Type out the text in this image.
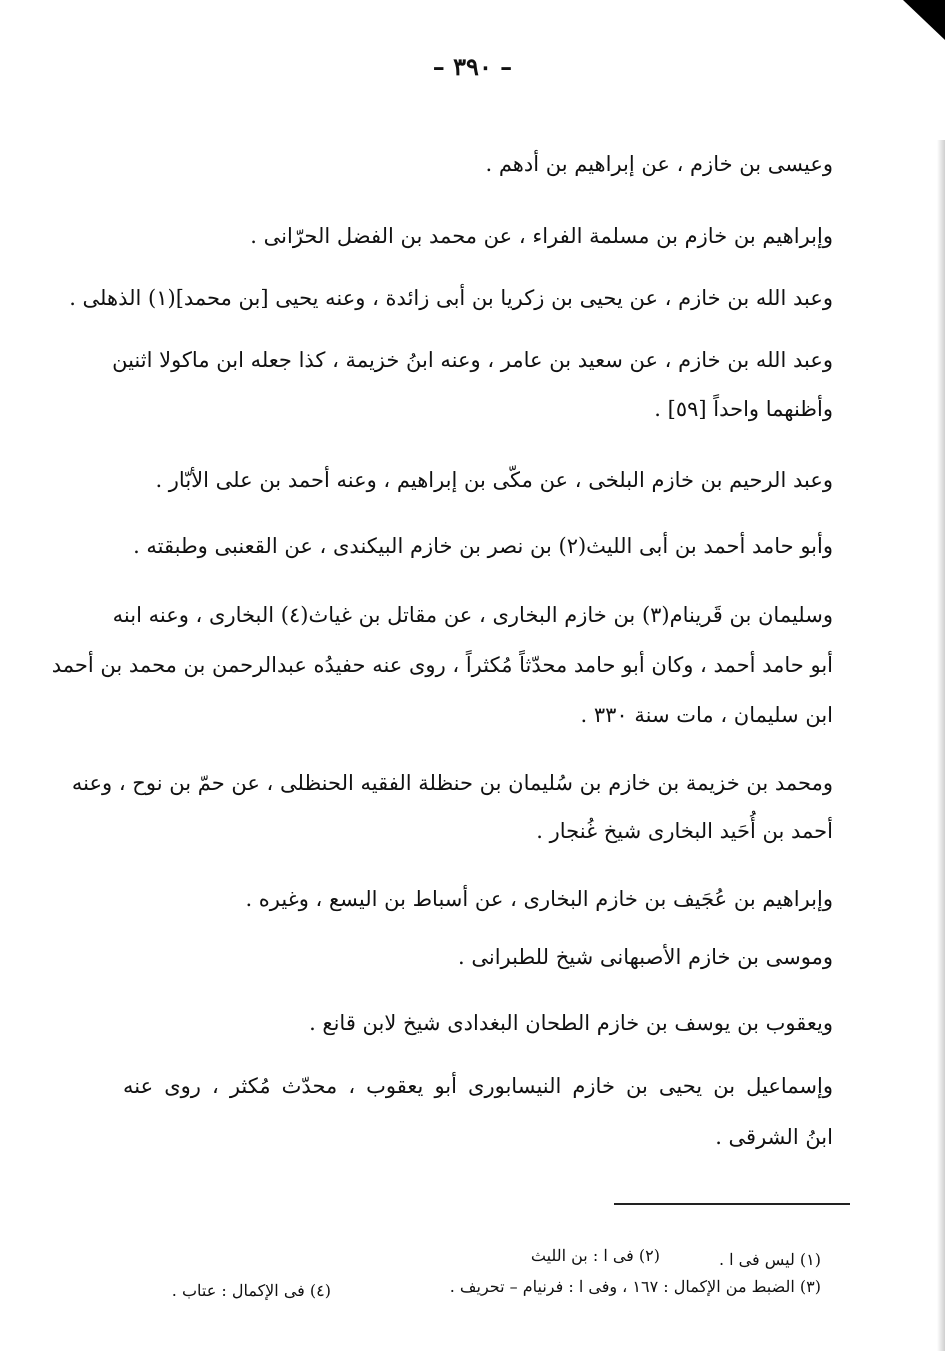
– ٣٩٠ –
وعيسى بن خازم ، عن إبراهيم بن أدهم .
وإبراهيم بن خازم بن مسلمة الفراء ، عن محمد بن الفضل الحرّانى .
وعبد الله بن خازم ، عن يحيى بن زكريا بن أبى زائدة ، وعنه يحيى [بن محمد](١) الذهلى .
وعبد الله بن خازم ، عن سعيد بن عامر ، وعنه ابنُ خزيمة ، كذا جعله ابن ماكولا اثنين
وأظنهما واحداً [٥٩] .
وعبد الرحيم بن خازم البلخى ، عن مكّى بن إبراهيم ، وعنه أحمد بن على الأبّار .
وأبو حامد أحمد بن أبى الليث(٢) بن نصر بن خازم البيكندى ، عن القعنبى وطبقته .
وسليمان بن قَرينام(٣) بن خازم البخارى ، عن مقاتل بن غياث(٤) البخارى ، وعنه ابنه
أبو حامد أحمد ، وكان أبو حامد محدّثاً مُكثراً ، روى عنه حفيدُه عبدالرحمن بن محمد بن أحمد
ابن سليمان ، مات سنة ٣٣٠ .
ومحمد بن خزيمة بن خازم بن سُليمان بن حنظلة الفقيه الحنظلى ، عن حمّ بن نوح ، وعنه
أحمد بن أُحَيد البخارى شيخ غُنجار .
وإبراهيم بن عُجَيف بن خازم البخارى ، عن أسباط بن اليسع ، وغيره .
وموسى بن خازم الأصبهانى شيخ للطبرانى .
ويعقوب بن يوسف بن خازم الطحان البغدادى شيخ لابن قانع .
وإسماعيل بن يحيى بن خازم النيسابورى أبو يعقوب ، محدّث مُكثر ، روى عنه
ابنُ الشرقى .
(١) ليس فى ا .
(٢) فى ا : بن الليث
(٣) الضبط من الإكمال : ١٦٧ ، وفى ا : فرنيام – تحريف .
(٤) فى الإكمال : عتاب .
